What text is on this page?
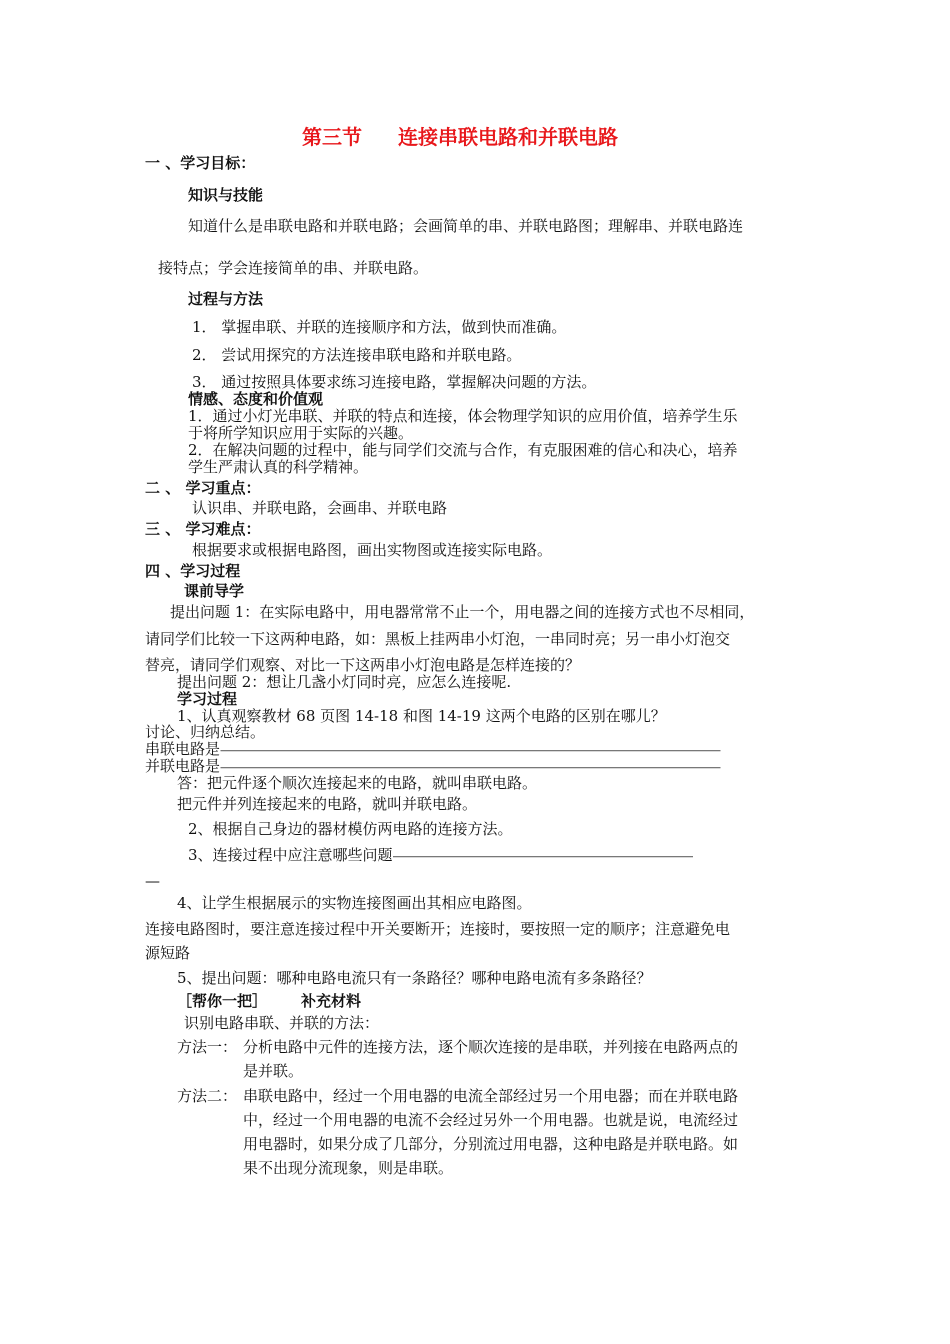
第三节 连接串联电路和并联电路
一 、学习目标：
知识与技能
知道什么是串联电路和并联电路；会画简单的串、并联电路图；理解串、并联电路连
接特点；学会连接简单的串、并联电路。
过程与方法
1． 掌握串联、并联的连接顺序和方法，做到快而准确。
2． 尝试用探究的方法连接串联电路和并联电路。
3． 通过按照具体要求练习连接电路，掌握解决问题的方法。
情感、态度和价值观
1．通过小灯光串联、并联的特点和连接，体会物理学知识的应用价值，培养学生乐
于将所学知识应用于实际的兴趣。
2．在解决问题的过程中，能与同学们交流与合作，有克服困难的信心和决心，培养
学生严肃认真的科学精神。
二 、 学习重点：
认识串、并联电路，会画串、并联电路
三 、 学习难点：
根据要求或根据电路图，画出实物图或连接实际电路。
四 、学习过程
课前导学
提出问题 1：在实际电路中，用电器常常不止一个，用电器之间的连接方式也不尽相同，
请同学们比较一下这两种电路，如：黑板上挂两串小灯泡，一串同时亮；另一串小灯泡交
替亮，请同学们观察、对比一下这两串小灯泡电路是怎样连接的？
提出问题 2：想让几盏小灯同时亮，应怎么连接呢.
学习过程
1、认真观察教材 68 页图 14-18 和图 14-19 这两个电路的区别在哪儿？
讨论、归纳总结。
串联电路是——————————————————————————————————————————————————
并联电路是——————————————————————————————————————————————————
答：把元件逐个顺次连接起来的电路，就叫串联电路。
把元件并列连接起来的电路，就叫并联电路。
2、根据自己身边的器材模仿两电路的连接方法。
3、连接过程中应注意哪些问题——————————————————————————————
—
4、让学生根据展示的实物连接图画出其相应电路图。
连接电路图时，要注意连接过程中开关要断开；连接时，要按照一定的顺序；注意避免电
源短路
5、提出问题：哪种电路电流只有一条路径？哪种电路电流有多条路径？
［帮你一把］ 补充材料
识别电路串联、并联的方法：
方法一： 分析电路中元件的连接方法，逐个顺次连接的是串联，并列接在电路两点的
是并联。
方法二： 串联电路中，经过一个用电器的电流全部经过另一个用电器；而在并联电路
中，经过一个用电器的电流不会经过另外一个用电器。也就是说，电流经过
用电器时，如果分成了几部分，分别流过用电器，这种电路是并联电路。如
果不出现分流现象，则是串联。
